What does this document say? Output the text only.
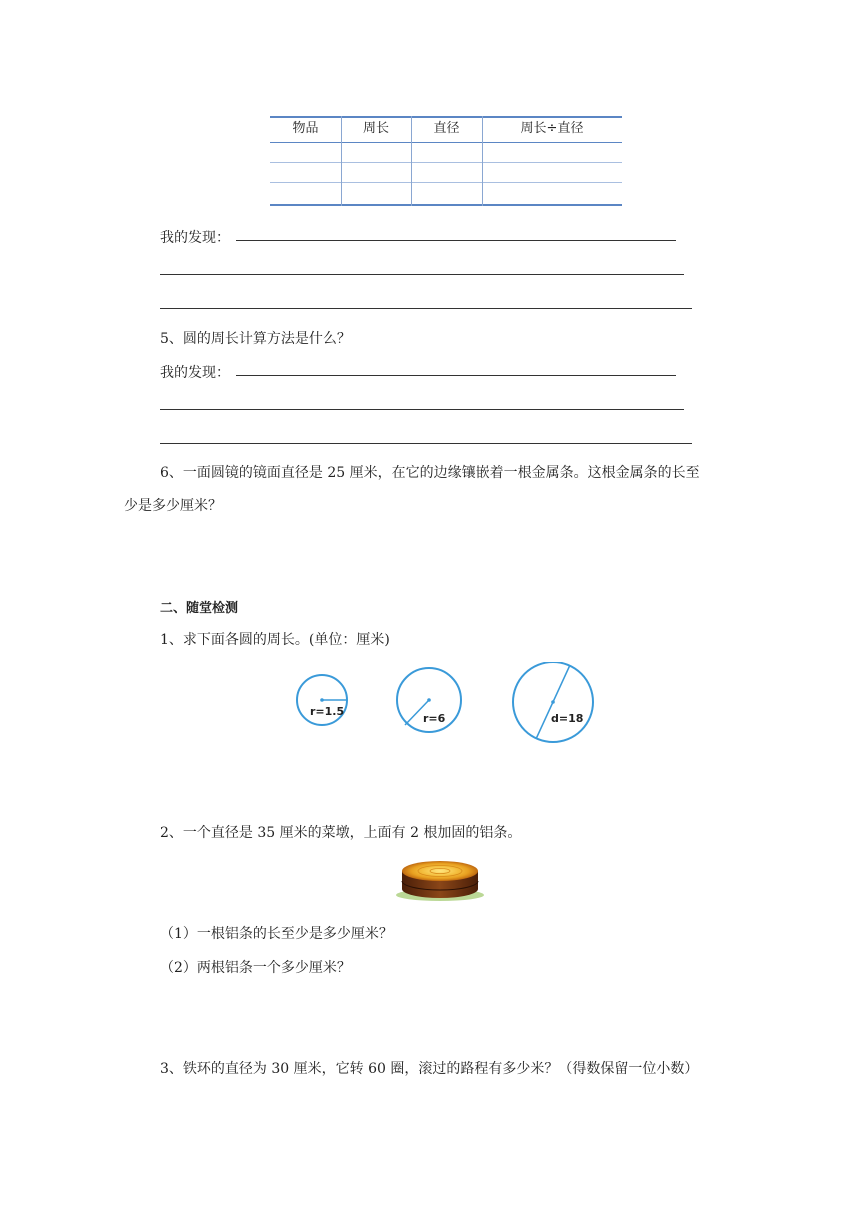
物品	周长	直径	周长÷直径
我的发现：
5、圆的周长计算方法是什么？
我的发现：
6、一面圆镜的镜面直径是 25 厘米，在它的边缘镶嵌着一根金属条。这根金属条的长至
少是多少厘米？
二、随堂检测
1、求下面各圆的周长。(单位：厘米)
r=1.5
r=6	d=18
2、一个直径是 35 厘米的菜墩，上面有 2 根加固的铝条。
（1）一根铝条的长至少是多少厘米？
（2）两根铝条一个多少厘米？
3、铁环的直径为 30 厘米，它转 60 圈，滚过的路程有多少米？（得数保留一位小数）
